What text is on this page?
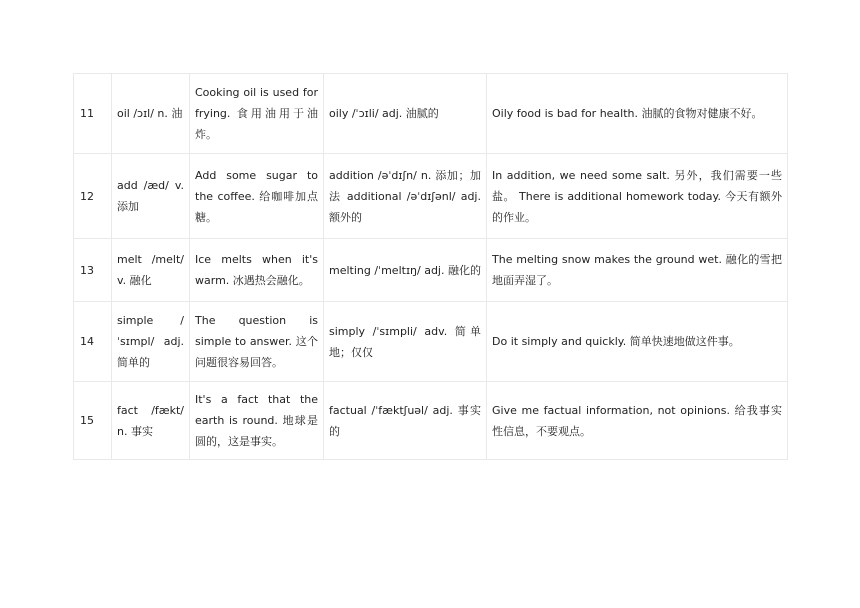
11	oil /ɔɪl/ n. 油	Cooking oil is used for frying. 食用油用于油炸。	oily /ˈɔɪli/ adj. 油腻的	Oily food is bad for health. 油腻的食物对健康不好。
12	add /æd/ v. 添加	Add some sugar to the coffee. 给咖啡加点糖。	addition /əˈdɪʃn/ n. 添加；加法 additional /əˈdɪʃənl/ adj. 额外的	In addition, we need some salt. 另外，我们需要一些盐。 There is additional homework today. 今天有额外的作业。
13	melt /melt/ v. 融化	Ice melts when it's warm. 冰遇热会融化。	melting /ˈmeltɪŋ/ adj. 融化的	The melting snow makes the ground wet. 融化的雪把地面弄湿了。
14	simple /ˈsɪmpl/ adj. 简单的	The question is simple to answer. 这个问题很容易回答。	simply /ˈsɪmpli/ adv. 简单地；仅仅	Do it simply and quickly. 简单快速地做这件事。
15	fact /fækt/ n. 事实	It's a fact that the earth is round. 地球是圆的，这是事实。	factual /ˈfæktʃuəl/ adj. 事实的	Give me factual information, not opinions. 给我事实性信息，不要观点。
